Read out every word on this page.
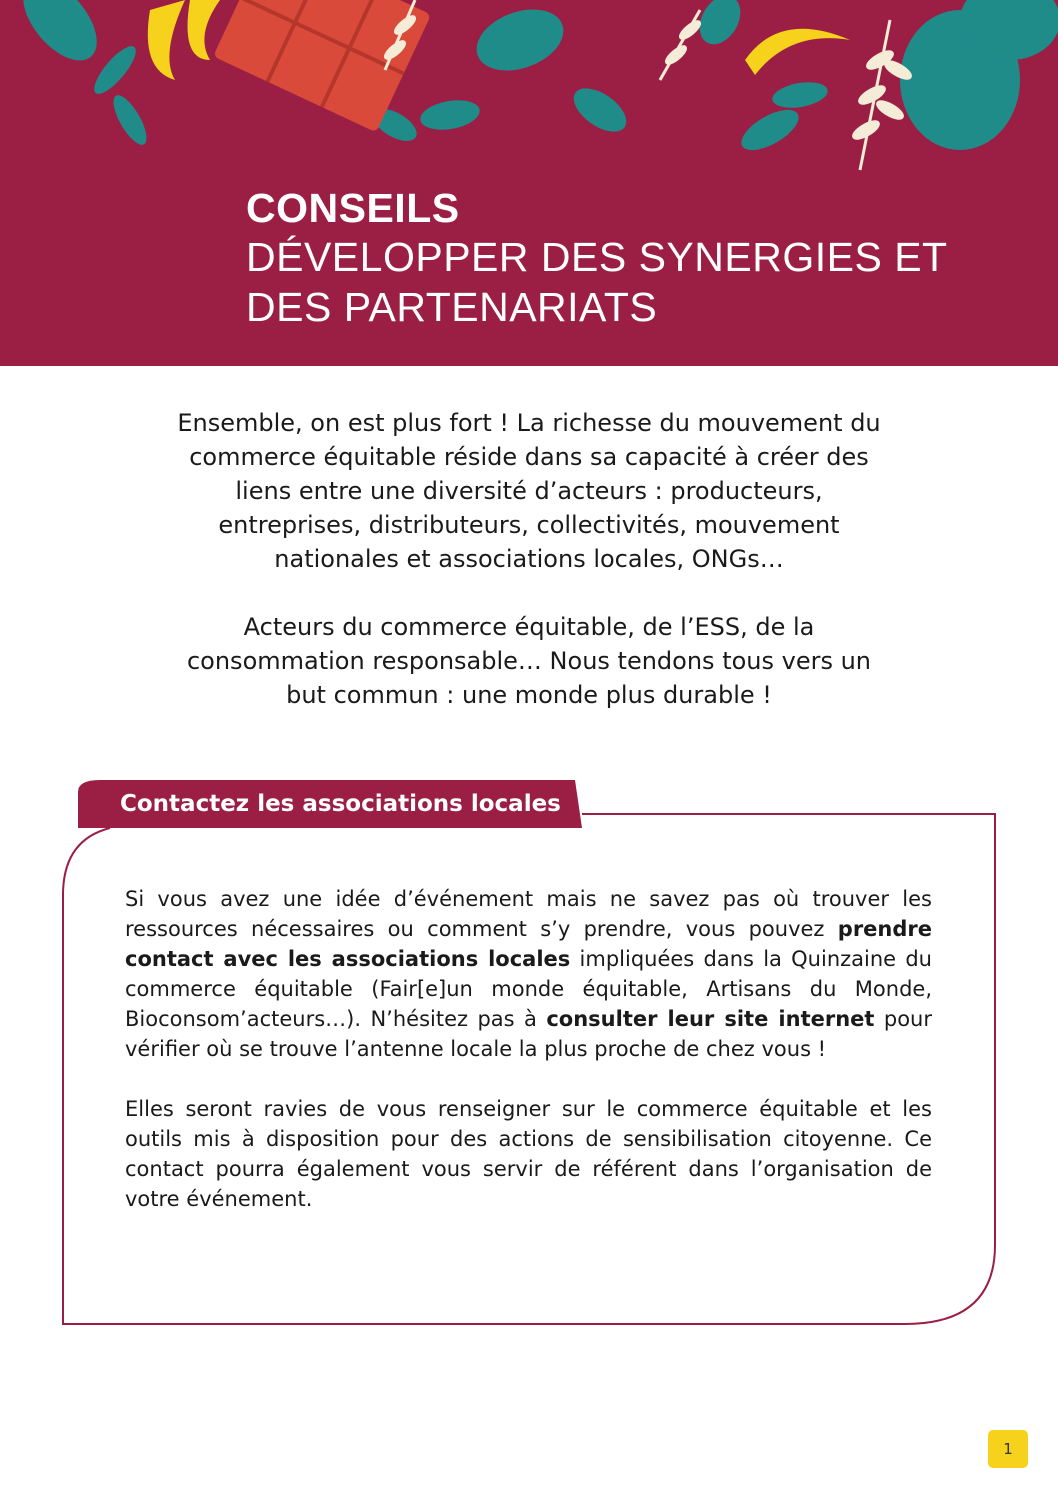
CONSEILS
DÉVELOPPER DES SYNERGIES ET
DES PARTENARIATS

Ensemble, on est plus fort ! La richesse du mouvement du
commerce équitable réside dans sa capacité à créer des
liens entre une diversité d’acteurs : producteurs,
entreprises, distributeurs, collectivités, mouvement
nationales et associations locales, ONGs…

Acteurs du commerce équitable, de l’ESS, de la
consommation responsable… Nous tendons tous vers un
but commun : une monde plus durable !

Contactez les associations locales

Si vous avez une idée d’événement mais ne savez pas où trouver les ressources nécessaires ou comment s’y prendre, vous pouvez prendre contact avec les associations locales impliquées dans la Quinzaine du commerce équitable (Fair[e]un monde équitable, Artisans du Monde, Bioconsom’acteurs…). N’hésitez pas à consulter leur site internet pour vérifier où se trouve l’antenne locale la plus proche de chez vous !

Elles seront ravies de vous renseigner sur le commerce équitable et les outils mis à disposition pour des actions de sensibilisation citoyenne. Ce contact pourra également vous servir de référent dans l’organisation de votre événement.

1
